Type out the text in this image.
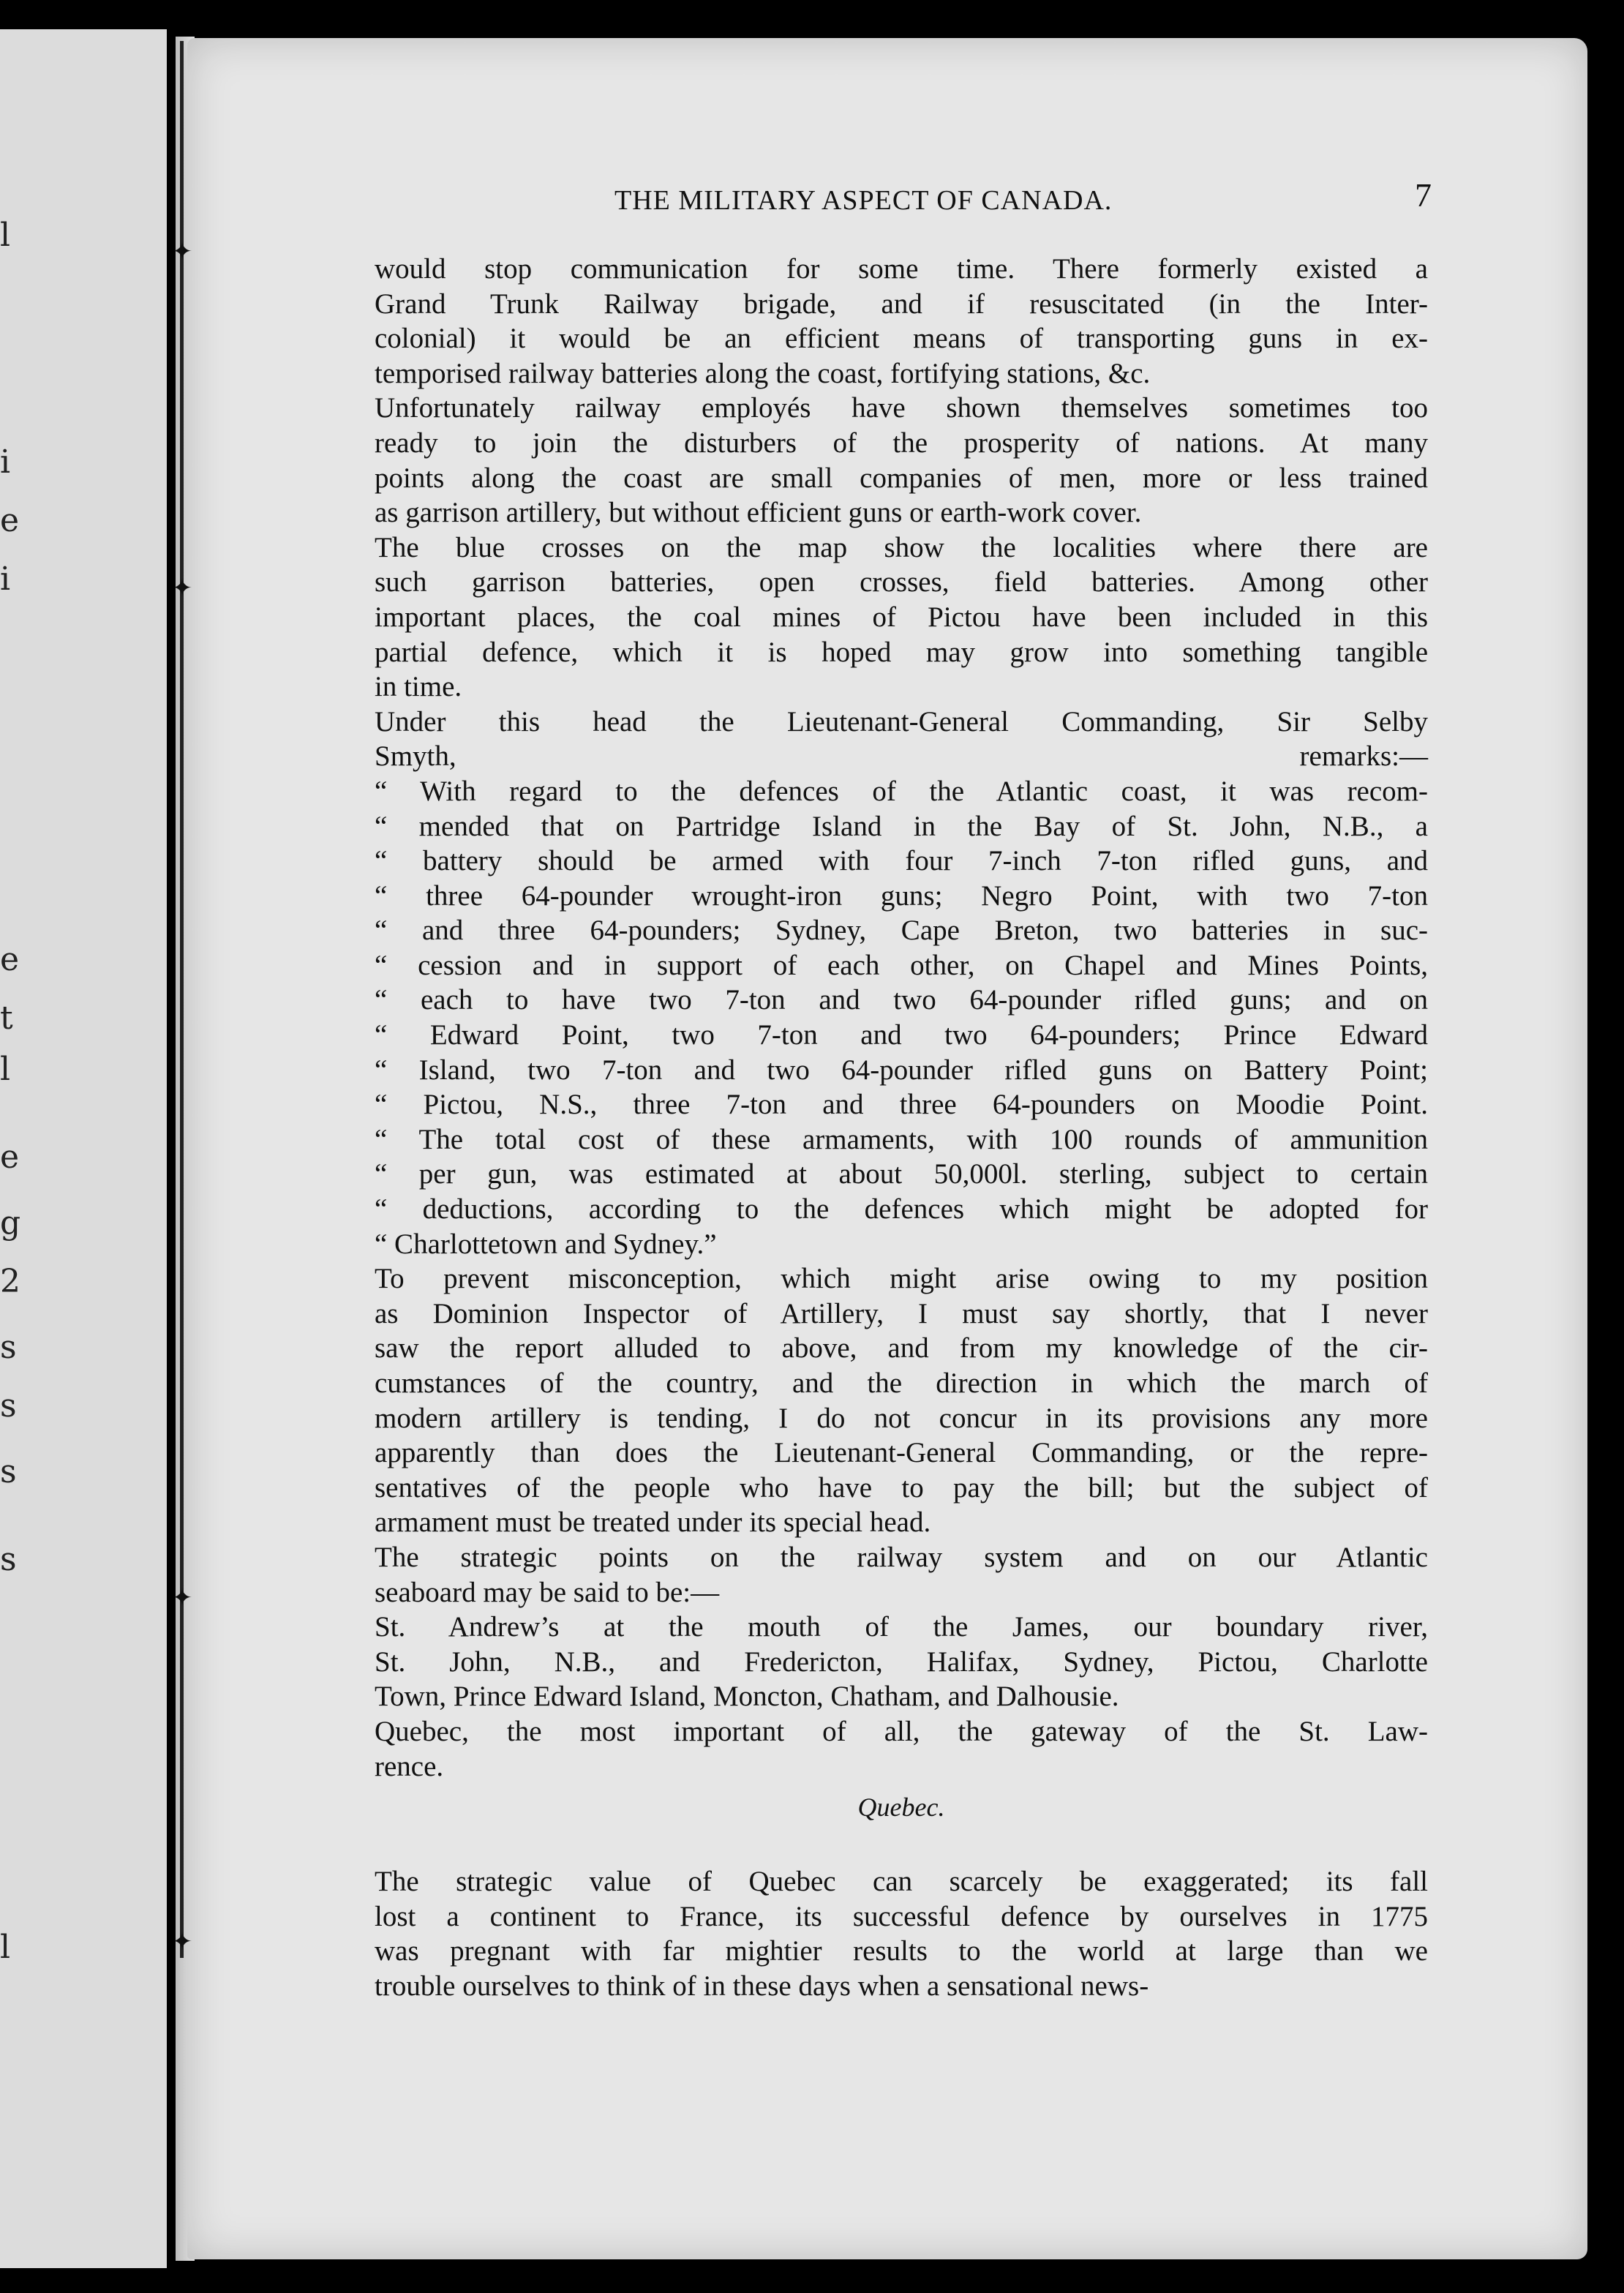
l
i
e
i
e
t
l
e
g
2
s
s
s
s
l
✦
✦
✦
✦
THE MILITARY ASPECT OF CANADA.	7
would stop communication for some time. There formerly existed a
Grand Trunk Railway brigade, and if resuscitated (in the Inter-
colonial) it would be an efficient means of transporting guns in ex-
temporised railway batteries along the coast, fortifying stations, &c.
Unfortunately railway employés have shown themselves sometimes too
ready to join the disturbers of the prosperity of nations. At many
points along the coast are small companies of men, more or less trained
as garrison artillery, but without efficient guns or earth-work cover.
The blue crosses on the map show the localities where there are
such garrison batteries, open crosses, field batteries. Among other
important places, the coal mines of Pictou have been included in this
partial defence, which it is hoped may grow into something tangible
in time.
Under this head the Lieutenant-General Commanding, Sir Selby
Smyth, remarks:—
“ With regard to the defences of the Atlantic coast, it was recom-
“ mended that on Partridge Island in the Bay of St. John, N.B., a
“ battery should be armed with four 7-inch 7-ton rifled guns, and
“ three 64-pounder wrought-iron guns; Negro Point, with two 7-ton
“ and three 64-pounders; Sydney, Cape Breton, two batteries in suc-
“ cession and in support of each other, on Chapel and Mines Points,
“ each to have two 7-ton and two 64-pounder rifled guns; and on
“ Edward Point, two 7-ton and two 64-pounders; Prince Edward
“ Island, two 7-ton and two 64-pounder rifled guns on Battery Point;
“ Pictou, N.S., three 7-ton and three 64-pounders on Moodie Point.
“ The total cost of these armaments, with 100 rounds of ammunition
“ per gun, was estimated at about 50,000l. sterling, subject to certain
“ deductions, according to the defences which might be adopted for
“ Charlottetown and Sydney.”
To prevent misconception, which might arise owing to my position
as Dominion Inspector of Artillery, I must say shortly, that I never
saw the report alluded to above, and from my knowledge of the cir-
cumstances of the country, and the direction in which the march of
modern artillery is tending, I do not concur in its provisions any more
apparently than does the Lieutenant-General Commanding, or the repre-
sentatives of the people who have to pay the bill; but the subject of
armament must be treated under its special head.
The strategic points on the railway system and on our Atlantic
seaboard may be said to be:—
St. Andrew’s at the mouth of the James, our boundary river,
St. John, N.B., and Fredericton, Halifax, Sydney, Pictou, Charlotte
Town, Prince Edward Island, Moncton, Chatham, and Dalhousie.
Quebec, the most important of all, the gateway of the St. Law-
rence.
Quebec.
The strategic value of Quebec can scarcely be exaggerated; its fall
lost a continent to France, its successful defence by ourselves in 1775
was pregnant with far mightier results to the world at large than we
trouble ourselves to think of in these days when a sensational news-
